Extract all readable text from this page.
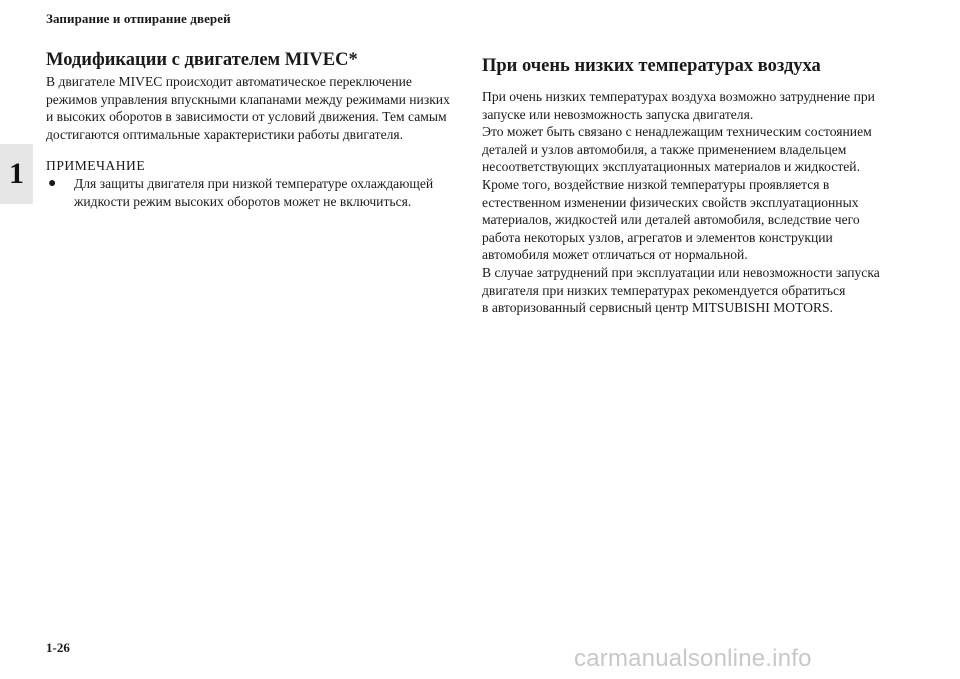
Запирание и отпирание дверей
1
Модификации с двигателем MIVEC*

В двигателе MIVEC происходит автоматическое переключение
режимов управления впускными клапанами между режимами низких
и высоких оборотов в зависимости от условий движения. Тем самым
достигаются оптимальные характеристики работы двигателя.

ПРИМЕЧАНИЕ

●	Для защиты двигателя при низкой температуре охлаждающей
жидкости режим высоких оборотов может не включиться.

При очень низких температурах воздуха

При очень низких температурах воздуха возможно затруднение при
запуске или невозможность запуска двигателя.
Это может быть связано с ненадлежащим техническим состоянием
деталей и узлов автомобиля, а также применением владельцем
несоответствующих эксплуатационных материалов и жидкостей.
Кроме того, воздействие низкой температуры проявляется в
естественном изменении физических свойств эксплуатационных
материалов, жидкостей или деталей автомобиля, вследствие чего
работа некоторых узлов, агрегатов и элементов конструкции
автомобиля может отличаться от нормальной.
В случае затруднений при эксплуатации или невозможности запуска
двигателя при низких температурах рекомендуется обратиться
в авторизованный сервисный центр MITSUBISHI MOTORS.

1-26	carmanualsonline.info
